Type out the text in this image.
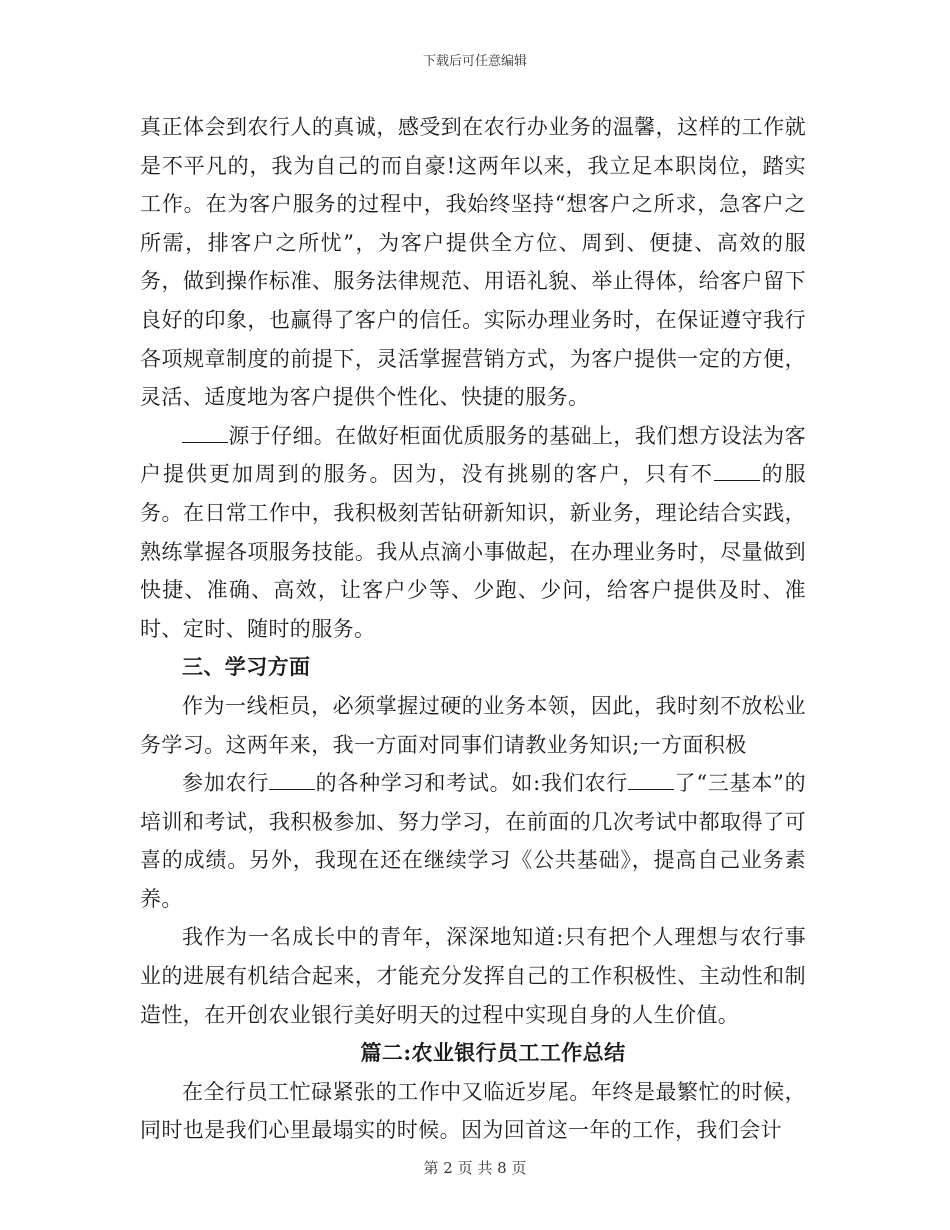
下载后可任意编辑

真正体会到农行人的真诚，感受到在农行办业务的温馨，这样的工作就是不平凡的，我为自己的而自豪!这两年以来，我立足本职岗位，踏实工作。在为客户服务的过程中，我始终坚持“想客户之所求，急客户之所需，排客户之所忧”，为客户提供全方位、周到、便捷、高效的服务，做到操作标准、服务法律规范、用语礼貌、举止得体，给客户留下良好的印象，也赢得了客户的信任。实际办理业务时，在保证遵守我行各项规章制度的前提下，灵活掌握营销方式，为客户提供一定的方便，灵活、适度地为客户提供个性化、快捷的服务。

源于仔细。在做好柜面优质服务的基础上，我们想方设法为客户提供更加周到的服务。因为，没有挑剔的客户，只有不 的服务。在日常工作中，我积极刻苦钻研新知识，新业务，理论结合实践，熟练掌握各项服务技能。我从点滴小事做起，在办理业务时，尽量做到快捷、准确、高效，让客户少等、少跑、少问，给客户提供及时、准时、定时、随时的服务。

三、学习方面

作为一线柜员，必须掌握过硬的业务本领，因此，我时刻不放松业务学习。这两年来，我一方面对同事们请教业务知识;一方面积极

参加农行 的各种学习和考试。如:我们农行 了“三基本”的培训和考试，我积极参加、努力学习，在前面的几次考试中都取得了可喜的成绩。另外，我现在还在继续学习《公共基础》，提高自己业务素养。

我作为一名成长中的青年，深深地知道:只有把个人理想与农行事业的进展有机结合起来，才能充分发挥自己的工作积极性、主动性和制造性，在开创农业银行美好明天的过程中实现自身的人生价值。

篇二:农业银行员工工作总结

在全行员工忙碌紧张的工作中又临近岁尾。年终是最繁忙的时候，同时也是我们心里最塌实的时候。因为回首这一年的工作，我们会计

第 2 页 共 8 页
